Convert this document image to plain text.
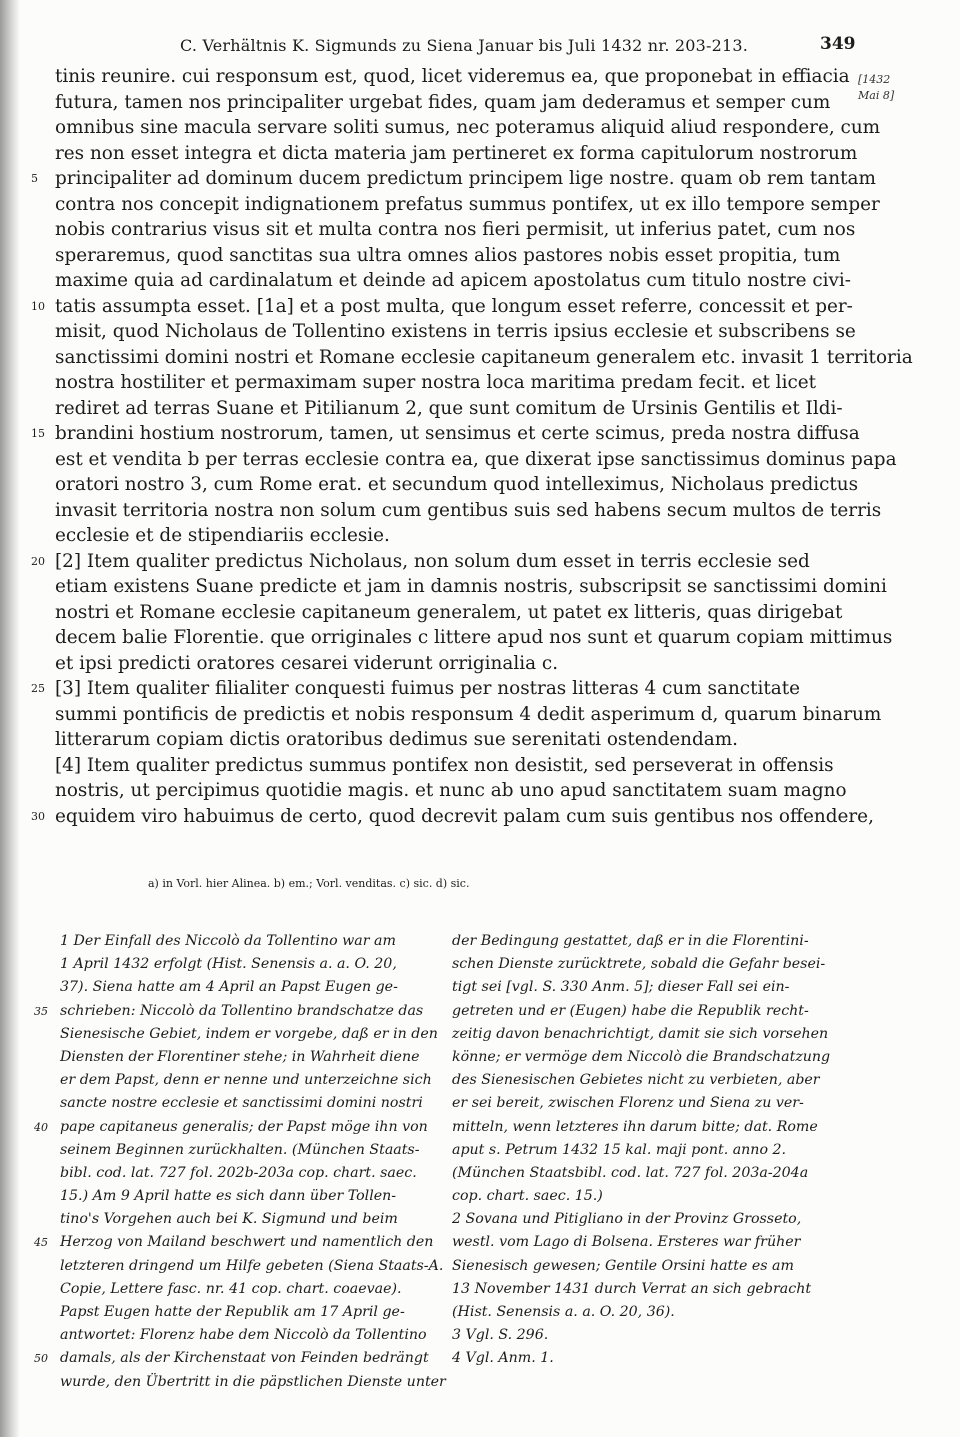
C. Verhältnis K. Sigmunds zu Siena Januar bis Juli 1432 nr. 203-213.	349
[1432
Mai 8]
tinis reunire. cui responsum est, quod, licet videremus ea, que proponebat in effiacia
futura, tamen nos principaliter urgebat fides, quam jam dederamus et semper cum
omnibus sine macula servare soliti sumus, nec poteramus aliquid aliud respondere, cum
res non esset integra et dicta materia jam pertineret ex forma capitulorum nostrorum
5 principaliter ad dominum ducem predictum principem lige nostre. quam ob rem tantam
contra nos concepit indignationem prefatus summus pontifex, ut ex illo tempore semper
nobis contrarius visus sit et multa contra nos fieri permisit, ut inferius patet, cum nos
speraremus, quod sanctitas sua ultra omnes alios pastores nobis esset propitia, tum
maxime quia ad cardinalatum et deinde ad apicem apostolatus cum titulo nostre civi-
10 tatis assumpta esset. [1a] et a post multa, que longum esset referre, concessit et per-
misit, quod Nicholaus de Tollentino existens in terris ipsius ecclesie et subscribens se
sanctissimi domini nostri et Romane ecclesie capitaneum generalem etc. invasit 1 territoria
nostra hostiliter et permaximam super nostra loca maritima predam fecit. et licet
rediret ad terras Suane et Pitilianum 2, que sunt comitum de Ursinis Gentilis et Ildi-
15 brandini hostium nostrorum, tamen, ut sensimus et certe scimus, preda nostra diffusa
est et vendita b per terras ecclesie contra ea, que dixerat ipse sanctissimus dominus papa
oratori nostro 3, cum Rome erat. et secundum quod intelleximus, Nicholaus predictus
invasit territoria nostra non solum cum gentibus suis sed habens secum multos de terris
ecclesie et de stipendiariis ecclesie.
20 [2] Item qualiter predictus Nicholaus, non solum dum esset in terris ecclesie sed
etiam existens Suane predicte et jam in damnis nostris, subscripsit se sanctissimi domini
nostri et Romane ecclesie capitaneum generalem, ut patet ex litteris, quas dirigebat
decem balie Florentie. que orriginales c littere apud nos sunt et quarum copiam mittimus
et ipsi predicti oratores cesarei viderunt orriginalia c.
25 [3] Item qualiter filialiter conquesti fuimus per nostras litteras 4 cum sanctitate
summi pontificis de predictis et nobis responsum 4 dedit asperimum d, quarum binarum
litterarum copiam dictis oratoribus dedimus sue serenitati ostendendam.
[4] Item qualiter predictus summus pontifex non desistit, sed perseverat in offensis
nostris, ut percipimus quotidie magis. et nunc ab uno apud sanctitatem suam magno
30 equidem viro habuimus de certo, quod decrevit palam cum suis gentibus nos offendere,
a) in Vorl. hier Alinea. b) em.; Vorl. venditas. c) sic. d) sic.
1 Der Einfall des Niccolò da Tollentino war am
1 April 1432 erfolgt (Hist. Senensis a. a. O. 20,
37). Siena hatte am 4 April an Papst Eugen ge-
35 schrieben: Niccolò da Tollentino brandschatze das
Sienesische Gebiet, indem er vorgebe, daß er in den
Diensten der Florentiner stehe; in Wahrheit diene
er dem Papst, denn er nenne und unterzeichne sich
sancte nostre ecclesie et sanctissimi domini nostri
40 pape capitaneus generalis; der Papst möge ihn von
seinem Beginnen zurückhalten. (München Staats-
bibl. cod. lat. 727 fol. 202b-203a cop. chart. saec.
15.) Am 9 April hatte es sich dann über Tollen-
tino's Vorgehen auch bei K. Sigmund und beim
45 Herzog von Mailand beschwert und namentlich den
letzteren dringend um Hilfe gebeten (Siena Staats-A.
Copie, Lettere fasc. nr. 41 cop. chart. coaevae).
Papst Eugen hatte der Republik am 17 April ge-
antwortet: Florenz habe dem Niccolò da Tollentino
50 damals, als der Kirchenstaat von Feinden bedrängt
wurde, den Übertritt in die päpstlichen Dienste unter
der Bedingung gestattet, daß er in die Florentini-
schen Dienste zurücktrete, sobald die Gefahr besei-
tigt sei [vgl. S. 330 Anm. 5]; dieser Fall sei ein-
getreten und er (Eugen) habe die Republik recht-
zeitig davon benachrichtigt, damit sie sich vorsehen
könne; er vermöge dem Niccolò die Brandschatzung
des Sienesischen Gebietes nicht zu verbieten, aber
er sei bereit, zwischen Florenz und Siena zu ver-
mitteln, wenn letzteres ihn darum bitte; dat. Rome
aput s. Petrum 1432 15 kal. maji pont. anno 2.
(München Staatsbibl. cod. lat. 727 fol. 203a-204a
cop. chart. saec. 15.)
2 Sovana und Pitigliano in der Provinz Grosseto,
westl. vom Lago di Bolsena. Ersteres war früher
Sienesisch gewesen; Gentile Orsini hatte es am
13 November 1431 durch Verrat an sich gebracht
(Hist. Senensis a. a. O. 20, 36).
3 Vgl. S. 296.
4 Vgl. Anm. 1.
